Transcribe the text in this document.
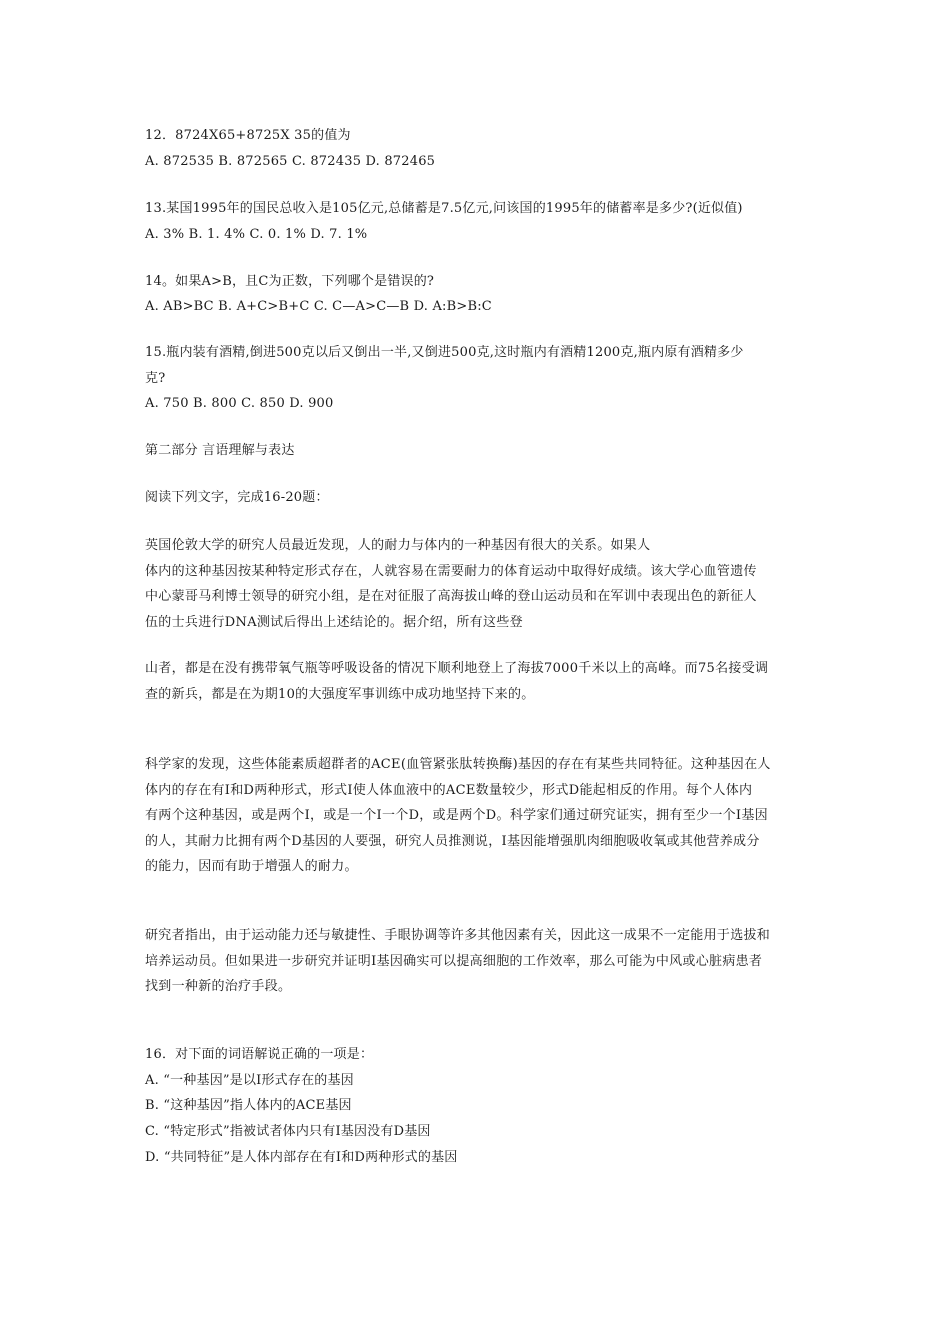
12．8724X65+8725X 35的值为
A. 872535 B. 872565 C. 872435 D. 872465
13.某国1995年的国民总收入是105亿元,总储蓄是7.5亿元,问该国的1995年的储蓄率是多少?(近似值)
A. 3% B. 1. 4% C. 0. 1% D. 7. 1%
14。如果A>B，且C为正数，下列哪个是错误的?
A. AB>BC B. A+C>B+C C. C—A>C—B D. A:B>B:C
15.瓶内装有酒精,倒进500克以后又倒出一半,又倒进500克,这时瓶内有酒精1200克,瓶内原有酒精多少
克?
A. 750 B. 800 C. 850 D. 900
第二部分 言语理解与表达
阅读下列文字，完成16-20题：
英国伦敦大学的研究人员最近发现，人的耐力与体内的一种基因有很大的关系。如果人
体内的这种基因按某种特定形式存在，人就容易在需要耐力的体育运动中取得好成绩。该大学心血管遗传
中心蒙哥马利博士领导的研究小组，是在对征服了高海拔山峰的登山运动员和在军训中表现出色的新征人
伍的士兵进行DNA测试后得出上述结论的。据介绍，所有这些登
山者，都是在没有携带氧气瓶等呼吸设备的情况下顺利地登上了海拔7000千米以上的高峰。而75名接受调
查的新兵，都是在为期10的大强度军事训练中成功地坚持下来的。
科学家的发现，这些体能素质超群者的ACE(血管紧张肽转换酶)基因的存在有某些共同特征。这种基因在人
体内的存在有I和D两种形式，形式I使人体血液中的ACE数量较少，形式D能起相反的作用。每个人体内
有两个这种基因，或是两个I，或是一个I一个D，或是两个D。科学家们通过研究证实，拥有至少一个I基因
的人，其耐力比拥有两个D基因的人要强，研究人员推测说，I基因能增强肌肉细胞吸收氧或其他营养成分
的能力，因而有助于增强人的耐力。
研究者指出，由于运动能力还与敏捷性、手眼协调等许多其他因素有关，因此这一成果不一定能用于选拔和
培养运动员。但如果进一步研究并证明I基因确实可以提高细胞的工作效率，那么可能为中风或心脏病患者
找到一种新的治疗手段。
16．对下面的词语解说正确的一项是：
A. “一种基因”是以I形式存在的基因
B. “这种基因”指人体内的ACE基因
C. “特定形式”指被试者体内只有I基因没有D基因
D. “共同特征”是人体内部存在有I和D两种形式的基因
